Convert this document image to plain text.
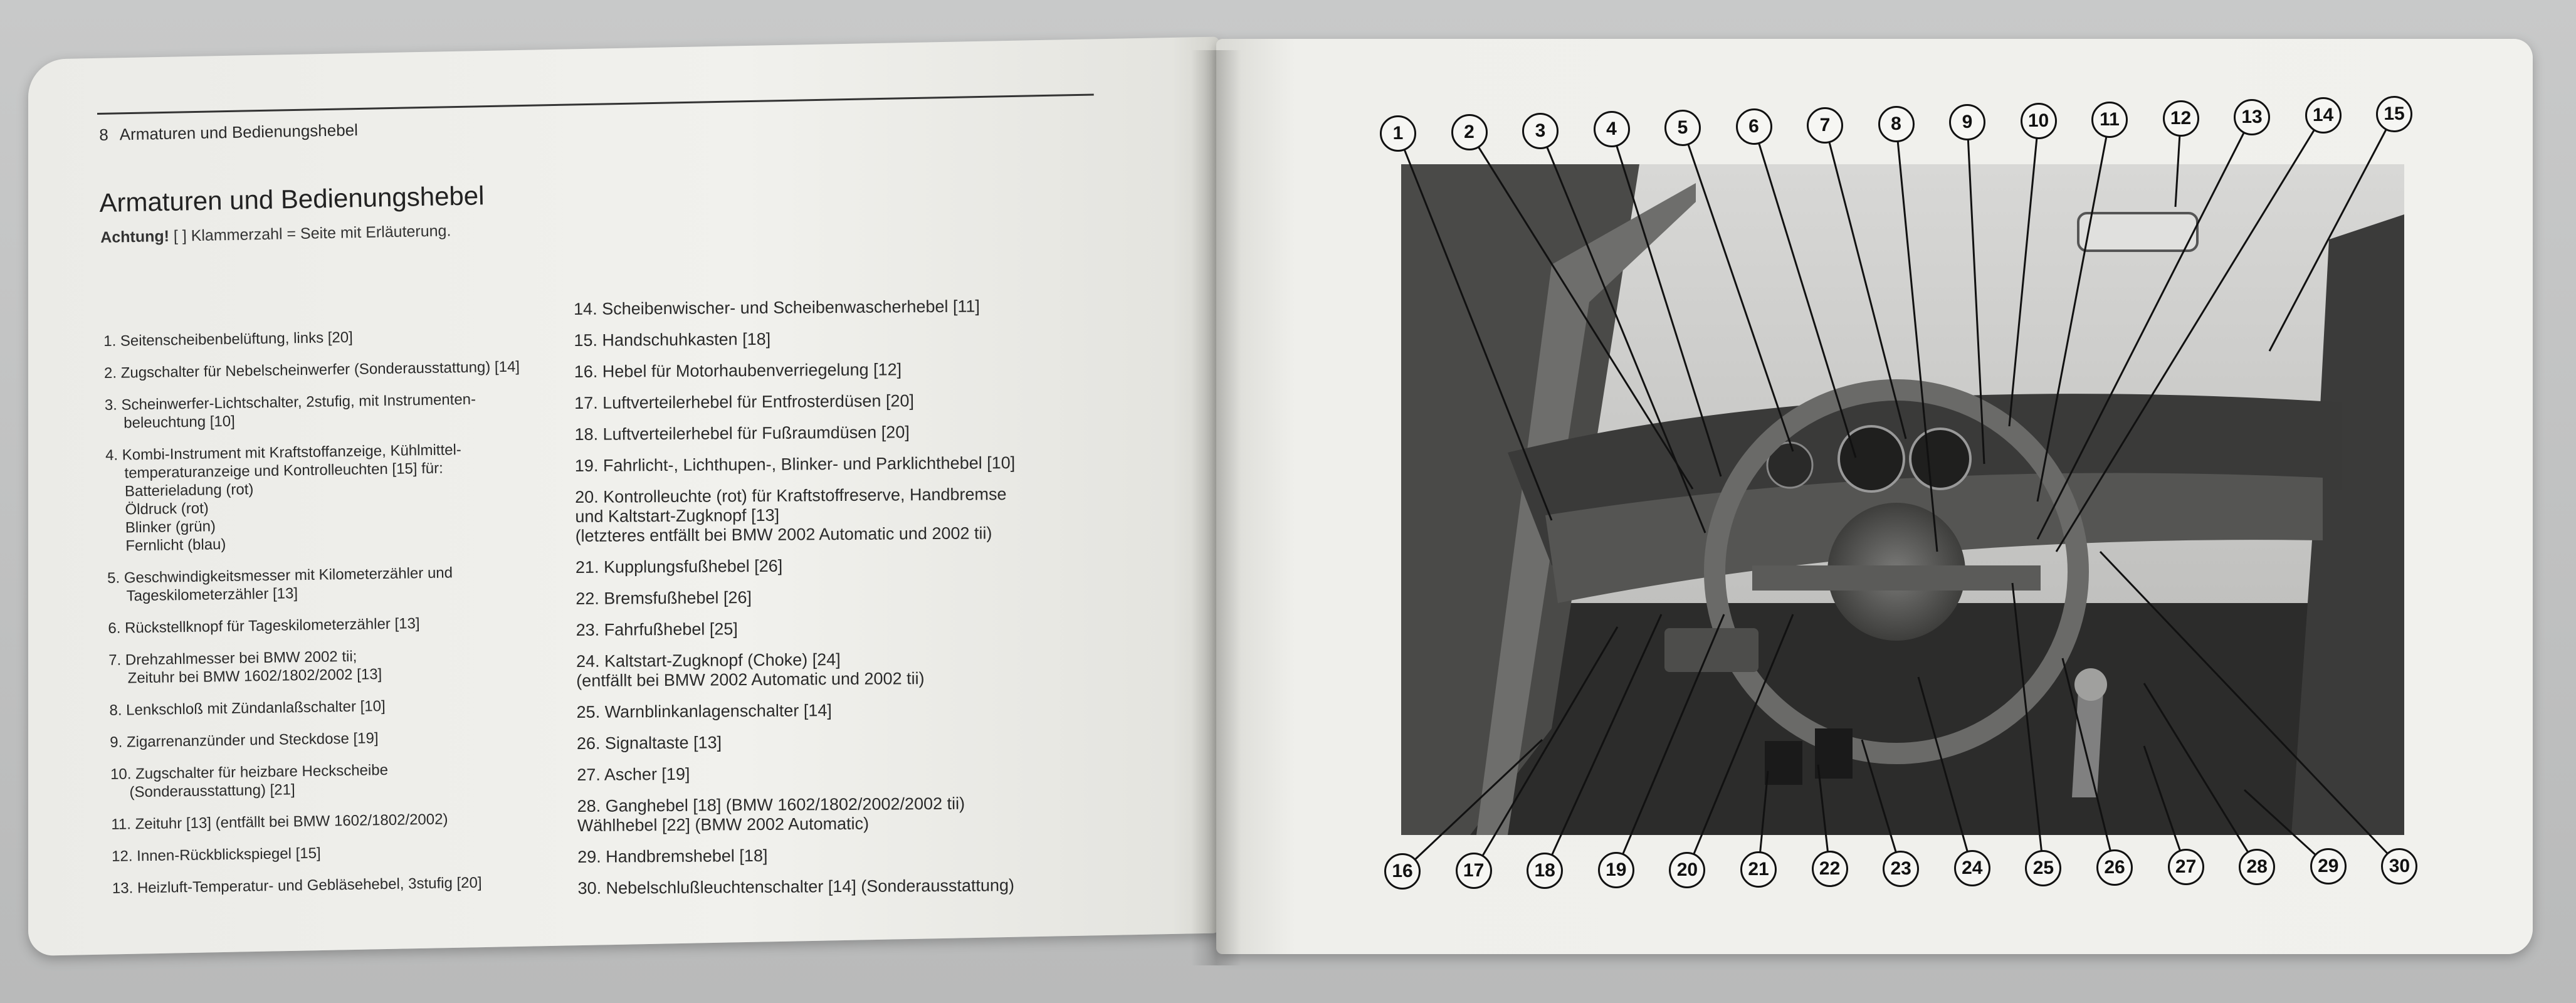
8 Armaturen und Bedienungshebel
Armaturen und Bedienungshebel
Achtung! [ ] Klammerzahl = Seite mit Erläuterung.
1. Seitenscheibenbelüftung, links [20]
2. Zugschalter für Nebelscheinwerfer (Sonderausstattung) [14]
3. Scheinwerfer-Lichtschalter, 2stufig, mit Instrumenten-
beleuchtung [10]
4. Kombi-Instrument mit Kraftstoffanzeige, Kühlmittel-
temperaturanzeige und Kontrolleuchten [15] für:
Batterieladung (rot)
Öldruck (rot)
Blinker (grün)
Fernlicht (blau)
5. Geschwindigkeitsmesser mit Kilometerzähler und
Tageskilometerzähler [13]
6. Rückstellknopf für Tageskilometerzähler [13]
7. Drehzahlmesser bei BMW 2002 tii;
Zeituhr bei BMW 1602/1802/2002 [13]
8. Lenkschloß mit Zündanlaßschalter [10]
9. Zigarrenanzünder und Steckdose [19]
10. Zugschalter für heizbare Heckscheibe
(Sonderausstattung) [21]
11. Zeituhr [13] (entfällt bei BMW 1602/1802/2002)
12. Innen-Rückblickspiegel [15]
13. Heizluft-Temperatur- und Gebläsehebel, 3stufig [20]
14. Scheibenwischer- und Scheibenwascherhebel [11]
15. Handschuhkasten [18]
16. Hebel für Motorhaubenverriegelung [12]
17. Luftverteilerhebel für Entfrosterdüsen [20]
18. Luftverteilerhebel für Fußraumdüsen [20]
19. Fahrlicht-, Lichthupen-, Blinker- und Parklichthebel [10]
20. Kontrolleuchte (rot) für Kraftstoffreserve, Handbremse
und Kaltstart-Zugknopf [13]
(letzteres entfällt bei BMW 2002 Automatic und 2002 tii)
21. Kupplungsfußhebel [26]
22. Bremsfußhebel [26]
23. Fahrfußhebel [25]
24. Kaltstart-Zugknopf (Choke) [24]
(entfällt bei BMW 2002 Automatic und 2002 tii)
25. Warnblinkanlagenschalter [14]
26. Signaltaste [13]
27. Ascher [19]
28. Ganghebel [18] (BMW 1602/1802/2002/2002 tii)
Wählhebel [22] (BMW 2002 Automatic)
29. Handbremshebel [18]
30. Nebelschlußleuchtenschalter [14] (Sonderausstattung)
1	2	3	4	5	6	7	8	9	10	11	12	13	14	15
16	17	18	19	20	21	22	23	24	25	26	27	28	29	30
